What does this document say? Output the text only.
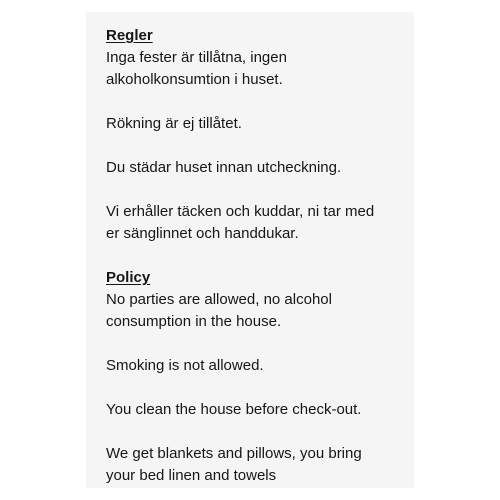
Regler

Inga fester är tillåtna, ingen
alkoholkonsumtion i huset.

Rökning är ej tillåtet.

Du städar huset innan utcheckning.

Vi erhåller täcken och kuddar, ni tar med
er sänglinnet och handdukar.

Policy

No parties are allowed, no alcohol
consumption in the house.

Smoking is not allowed.

You clean the house before check-out.

We get blankets and pillows, you bring
your bed linen and towels
